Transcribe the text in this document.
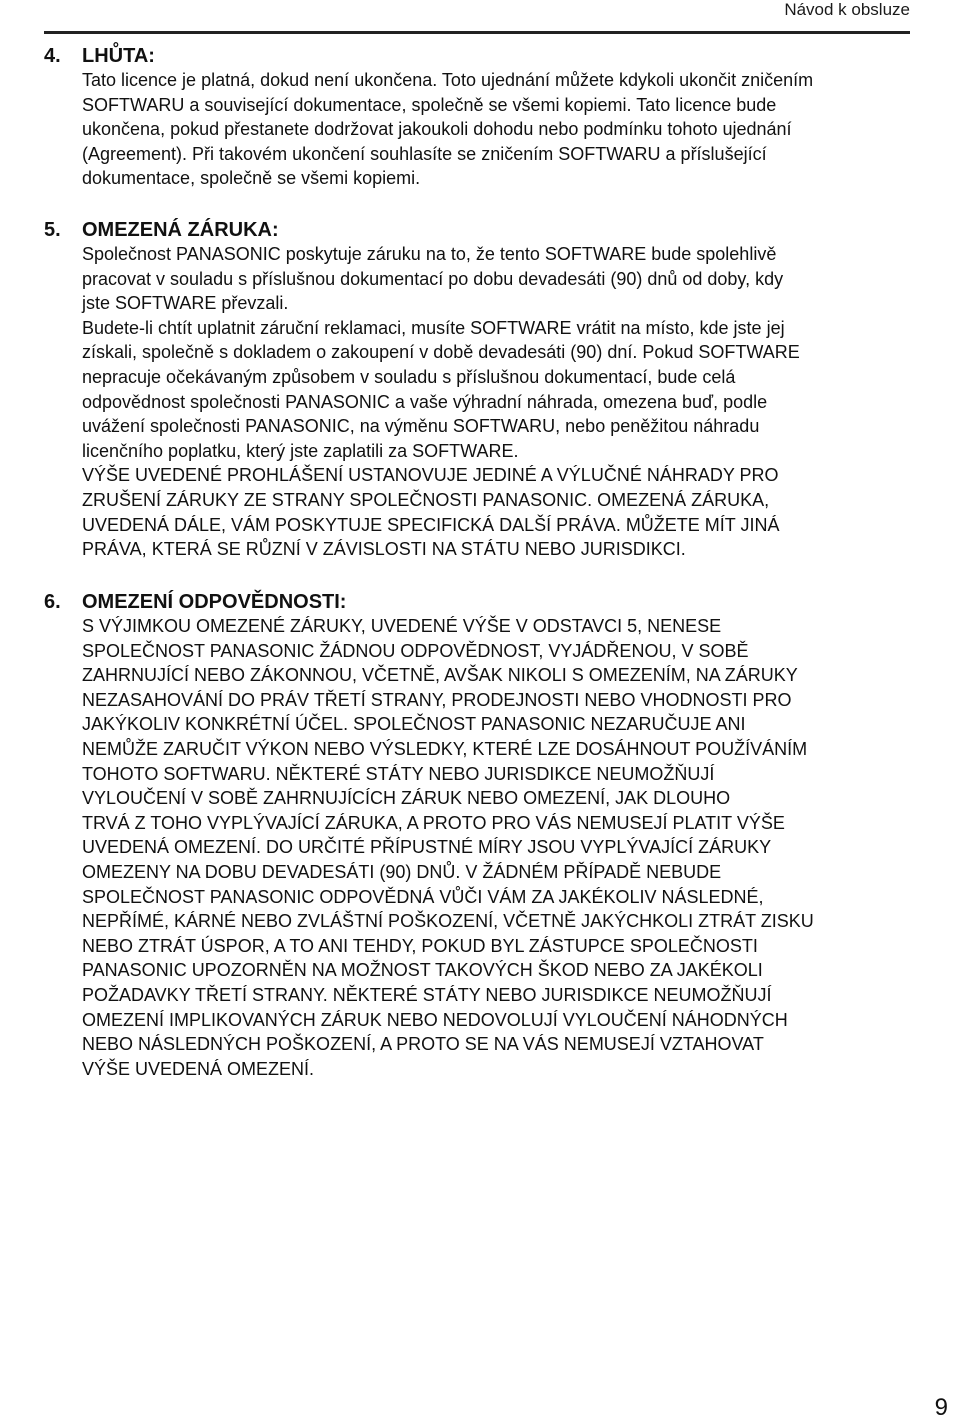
Návod k obsluze
4.	LHŮTA:
Tato licence je platná, dokud není ukončena. Toto ujednání můžete kdykoli ukončit zničením
SOFTWARU a související dokumentace, společně se všemi kopiemi. Tato licence bude
ukončena, pokud přestanete dodržovat jakoukoli dohodu nebo podmínku tohoto ujednání
(Agreement). Při takovém ukončení souhlasíte se zničením SOFTWARU a příslušející
dokumentace, společně se všemi kopiemi.
5.	OMEZENÁ ZÁRUKA:
Společnost PANASONIC poskytuje záruku na to, že tento SOFTWARE bude spolehlivě
pracovat v souladu s příslušnou dokumentací po dobu devadesáti (90) dnů od doby, kdy
jste SOFTWARE převzali.
Budete-li chtít uplatnit záruční reklamaci, musíte SOFTWARE vrátit na místo, kde jste jej
získali, společně s dokladem o zakoupení v době devadesáti (90) dní. Pokud SOFTWARE
nepracuje očekávaným způsobem v souladu s příslušnou dokumentací, bude celá
odpovědnost společnosti PANASONIC a vaše výhradní náhrada, omezena buď, podle
uvážení společnosti PANASONIC, na výměnu SOFTWARU, nebo peněžitou náhradu
licenčního poplatku, který jste zaplatili za SOFTWARE.
VÝŠE UVEDENÉ PROHLÁŠENÍ USTANOVUJE JEDINÉ A VÝLUČNÉ NÁHRADY PRO
ZRUŠENÍ ZÁRUKY ZE STRANY SPOLEČNOSTI PANASONIC. OMEZENÁ ZÁRUKA,
UVEDENÁ DÁLE, VÁM POSKYTUJE SPECIFICKÁ DALŠÍ PRÁVA. MŮŽETE MÍT JINÁ
PRÁVA, KTERÁ SE RŮZNÍ V ZÁVISLOSTI NA STÁTU NEBO JURISDIKCI.
6.	OMEZENÍ ODPOVĚDNOSTI:
S VÝJIMKOU OMEZENÉ ZÁRUKY, UVEDENÉ VÝŠE V ODSTAVCI 5, NENESE
SPOLEČNOST PANASONIC ŽÁDNOU ODPOVĚDNOST, VYJÁDŘENOU, V SOBĚ
ZAHRNUJÍCÍ NEBO ZÁKONNOU, VČETNĚ, AVŠAK NIKOLI S OMEZENÍM, NA ZÁRUKY
NEZASAHOVÁNÍ DO PRÁV TŘETÍ STRANY, PRODEJNOSTI NEBO VHODNOSTI PRO
JAKÝKOLIV KONKRÉTNÍ ÚČEL. SPOLEČNOST PANASONIC NEZARUČUJE ANI
NEMŮŽE ZARUČIT VÝKON NEBO VÝSLEDKY, KTERÉ LZE DOSÁHNOUT POUŽÍVÁNÍM
TOHOTO SOFTWARU. NĚKTERÉ STÁTY NEBO JURISDIKCE NEUMOŽŇUJÍ
VYLOUČENÍ V SOBĚ ZAHRNUJÍCÍCH ZÁRUK NEBO OMEZENÍ, JAK DLOUHO
TRVÁ Z TOHO VYPLÝVAJÍCÍ ZÁRUKA, A PROTO PRO VÁS NEMUSEJÍ PLATIT VÝŠE
UVEDENÁ OMEZENÍ. DO URČITÉ PŘÍPUSTNÉ MÍRY JSOU VYPLÝVAJÍCÍ ZÁRUKY
OMEZENY NA DOBU DEVADESÁTI (90) DNŮ. V ŽÁDNÉM PŘÍPADĚ NEBUDE
SPOLEČNOST PANASONIC ODPOVĚDNÁ VŮČI VÁM ZA JAKÉKOLIV NÁSLEDNÉ,
NEPŘÍMÉ, KÁRNÉ NEBO ZVLÁŠTNÍ POŠKOZENÍ, VČETNĚ JAKÝCHKOLI ZTRÁT ZISKU
NEBO ZTRÁT ÚSPOR, A TO ANI TEHDY, POKUD BYL ZÁSTUPCE SPOLEČNOSTI
PANASONIC UPOZORNĚN NA MOŽNOST TAKOVÝCH ŠKOD NEBO ZA JAKÉKOLI
POŽADAVKY TŘETÍ STRANY. NĚKTERÉ STÁTY NEBO JURISDIKCE NEUMOŽŇUJÍ
OMEZENÍ IMPLIKOVANÝCH ZÁRUK NEBO NEDOVOLUJÍ VYLOUČENÍ NÁHODNÝCH
NEBO NÁSLEDNÝCH POŠKOZENÍ, A PROTO SE NA VÁS NEMUSEJÍ VZTAHOVAT
VÝŠE UVEDENÁ OMEZENÍ.
9
